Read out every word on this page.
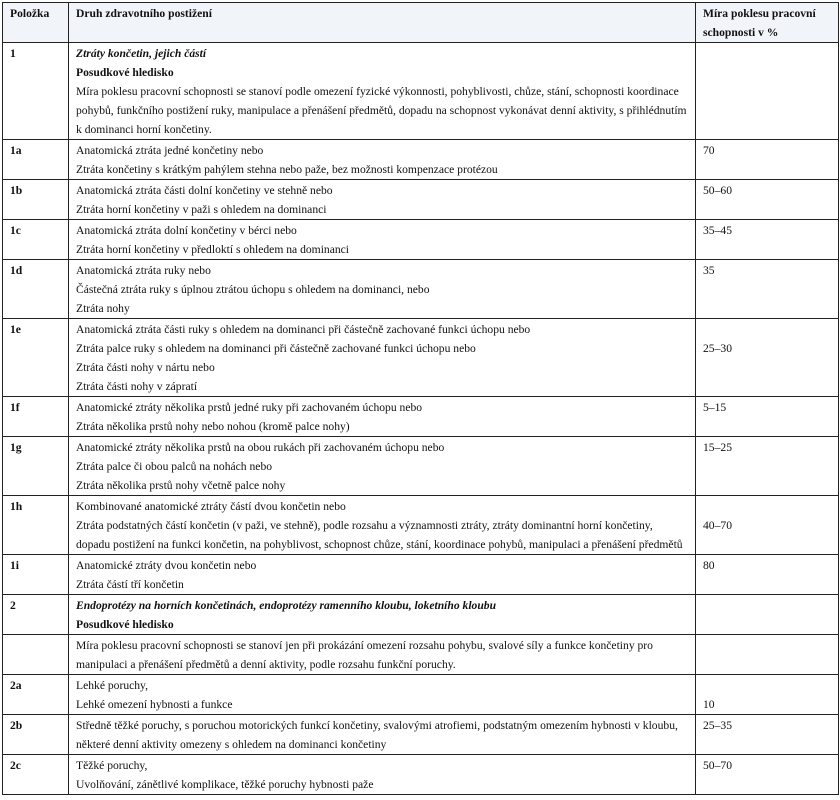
Položka	Druh zdravotního postižení	Míra poklesu pracovní schopnosti v %
1	Ztráty končetin, jejich částí
Posudkové hledisko
Míra poklesu pracovní schopnosti se stanoví podle omezení fyzické výkonnosti, pohyblivosti, chůze, stání, schopnosti koordinace pohybů, funkčního postižení ruky, manipulace a přenášení předmětů, dopadu na schopnost vykonávat denní aktivity, s přihlédnutím k dominanci horní končetiny.	

1a	Anatomická ztráta jedné končetiny nebo
Ztráta končetiny s krátkým pahýlem stehna nebo paže, bez možnosti kompenzace protézou	70
1b	Anatomická ztráta části dolní končetiny ve stehně nebo
Ztráta horní končetiny v paži s ohledem na dominanci	50–60
1c	Anatomická ztráta dolní končetiny v bérci nebo
Ztráta horní končetiny v předloktí s ohledem na dominanci	35–45
1d	Anatomická ztráta ruky nebo
Částečná ztráta ruky s úplnou ztrátou úchopu s ohledem na dominanci, nebo
Ztráta nohy	35
1e	Anatomická ztráta části ruky s ohledem na dominanci při částečně zachované funkci úchopu nebo
Ztráta palce ruky s ohledem na dominanci při částečně zachované funkci úchopu nebo
Ztráta části nohy v nártu nebo
Ztráta části nohy v zápratí	25–30

1f	Anatomické ztráty několika prstů jedné ruky při zachovaném úchopu nebo
Ztráta několika prstů nohy nebo nohou (kromě palce nohy)	5–15
1g	Anatomické ztráty několika prstů na obou rukách při zachovaném úchopu nebo
Ztráta palce či obou palců na nohách nebo
Ztráta několika prstů nohy včetně palce nohy	15–25
1h	Kombinované anatomické ztráty částí dvou končetin nebo
Ztráta podstatných částí končetin (v paži, ve stehně), podle rozsahu a významnosti ztráty, ztráty dominantní horní končetiny, dopadu postižení na funkci končetin, na pohyblivost, schopnost chůze, stání, koordinace pohybů, manipulaci a přenášení předmětů	40–70

1i	Anatomické ztráty dvou končetin nebo
Ztráta částí tří končetin	80
2	Endoprotézy na horních končetinách, endoprotézy ramenního kloubu, loketního kloubu
Posudkové hledisko	

	Míra poklesu pracovní schopnosti se stanoví jen při prokázání omezení rozsahu pohybu, svalové síly a funkce končetiny pro manipulaci a přenášení předmětů a denní aktivity, podle rozsahu funkční poruchy.	

2a	Lehké poruchy,
Lehké omezení hybnosti a funkce	10

2b	Středně těžké poruchy, s poruchou motorických funkcí končetiny, svalovými atrofiemi, podstatným omezením hybnosti v kloubu, některé denní aktivity omezeny s ohledem na dominanci končetiny	25–35
2c	Těžké poruchy,
Uvolňování, zánětlivé komplikace, těžké poruchy hybnosti paže	50–70
